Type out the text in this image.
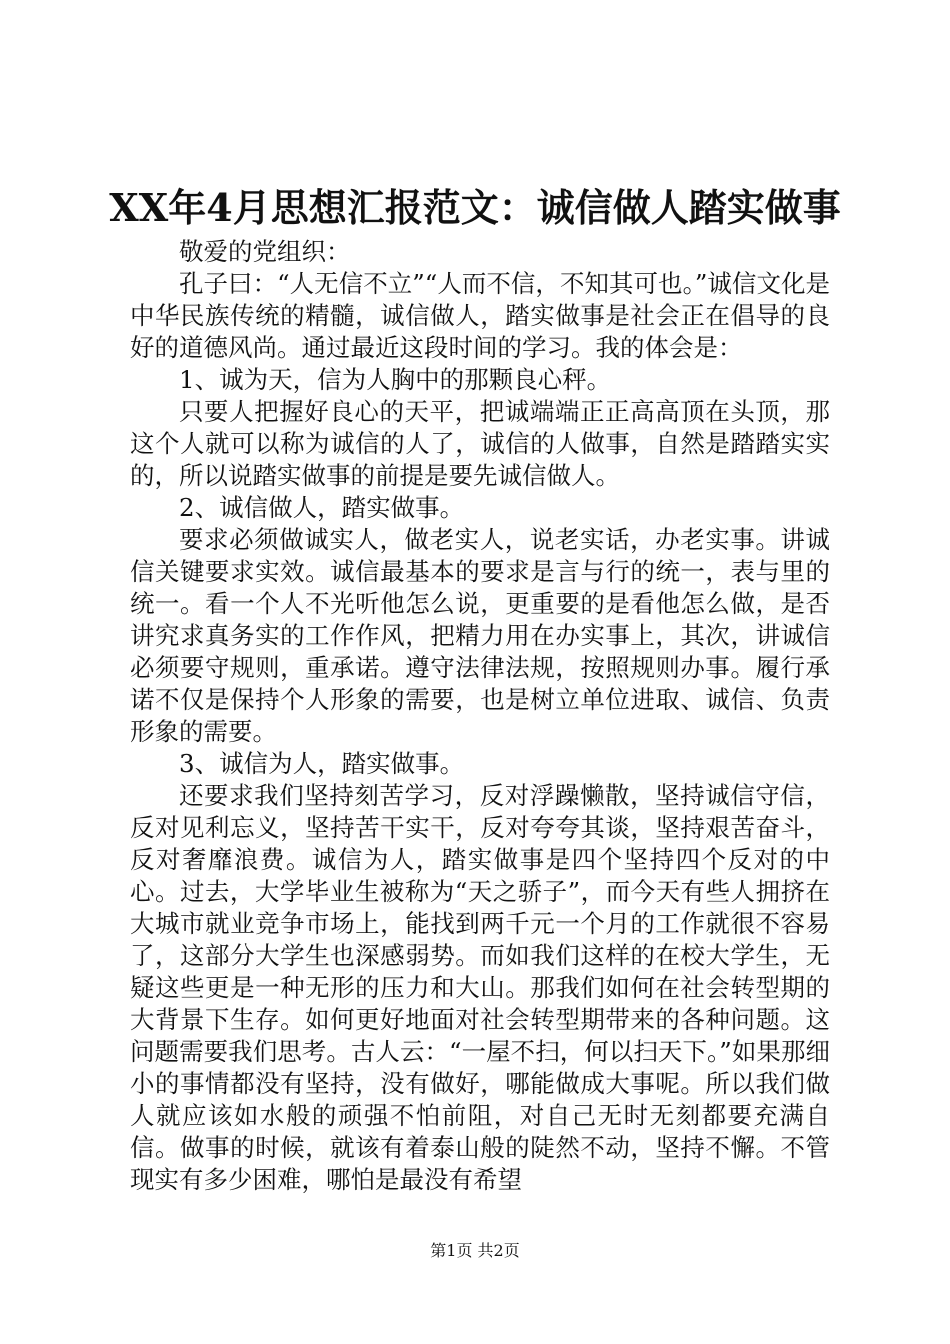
XX年4月思想汇报范文：诚信做人踏实做事

敬爱的党组织：

孔子曰：“人无信不立”“人而不信，不知其可也。”诚信文化是中华民族传统的精髓，诚信做人，踏实做事是社会正在倡导的良好的道德风尚。通过最近这段时间的学习。我的体会是：

1、诚为天，信为人胸中的那颗良心秤。

只要人把握好良心的天平，把诚端端正正高高顶在头顶，那这个人就可以称为诚信的人了，诚信的人做事，自然是踏踏实实的，所以说踏实做事的前提是要先诚信做人。

2、诚信做人，踏实做事。

要求必须做诚实人，做老实人，说老实话，办老实事。讲诚信关键要求实效。诚信最基本的要求是言与行的统一，表与里的统一。看一个人不光听他怎么说，更重要的是看他怎么做，是否讲究求真务实的工作作风，把精力用在办实事上，其次，讲诚信必须要守规则，重承诺。遵守法律法规，按照规则办事。履行承诺不仅是保持个人形象的需要，也是树立单位进取、诚信、负责形象的需要。

3、诚信为人，踏实做事。

还要求我们坚持刻苦学习，反对浮躁懒散，坚持诚信守信，反对见利忘义，坚持苦干实干，反对夸夸其谈，坚持艰苦奋斗，反对奢靡浪费。诚信为人，踏实做事是四个坚持四个反对的中心。过去，大学毕业生被称为“天之骄子”，而今天有些人拥挤在大城市就业竞争市场上，能找到两千元一个月的工作就很不容易了，这部分大学生也深感弱势。而如我们这样的在校大学生，无疑这些更是一种无形的压力和大山。那我们如何在社会转型期的大背景下生存。如何更好地面对社会转型期带来的各种问题。这问题需要我们思考。古人云：“一屋不扫，何以扫天下。”如果那细小的事情都没有坚持，没有做好，哪能做成大事呢。所以我们做人就应该如水般的顽强不怕前阻，对自己无时无刻都要充满自信。做事的时候，就该有着泰山般的陡然不动，坚持不懈。不管现实有多少困难，哪怕是最没有希望

第1页 共2页
